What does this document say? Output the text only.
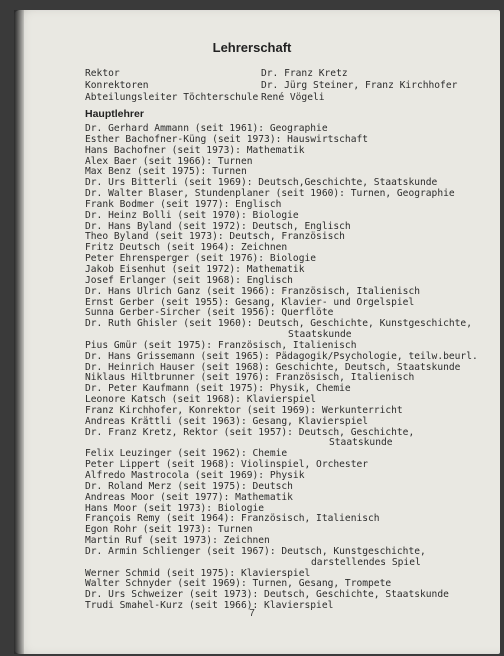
Lehrerschaft
Rektor	Dr. Franz Kretz
Konrektoren	Dr. Jürg Steiner, Franz Kirchhofer
Abteilungsleiter Töchterschule René Vögeli
Hauptlehrer
Dr. Gerhard Ammann (seit 1961): Geographie
Esther Bachofner-Küng (seit 1973): Hauswirtschaft
Hans Bachofner (seit 1973): Mathematik
Alex Baer (seit 1966): Turnen
Max Benz (seit 1975): Turnen
Dr. Urs Bitterli (seit 1969): Deutsch,Geschichte, Staatskunde
Dr. Walter Blaser, Stundenplaner (seit 1960): Turnen, Geographie
Frank Bodmer (seit 1977): Englisch
Dr. Heinz Bolli (seit 1970): Biologie
Dr. Hans Byland (seit 1972): Deutsch, Englisch
Theo Byland (seit 1973): Deutsch, Französisch
Fritz Deutsch (seit 1964): Zeichnen
Peter Ehrensperger (seit 1976): Biologie
Jakob Eisenhut (seit 1972): Mathematik
Josef Erlanger (seit 1968): Englisch
Dr. Hans Ulrich Ganz (seit 1966): Französisch, Italienisch
Ernst Gerber (seit 1955): Gesang, Klavier- und Orgelspiel
Sunna Gerber-Sircher (seit 1956): Querflöte
Dr. Ruth Ghisler (seit 1960): Deutsch, Geschichte, Kunstgeschichte,
Staatskunde
Pius Gmür (seit 1975): Französisch, Italienisch
Dr. Hans Grissemann (seit 1965): Pädagogik/Psychologie, teilw.beurl.
Dr. Heinrich Hauser (seit 1968): Geschichte, Deutsch, Staatskunde
Niklaus Hiltbrunner (seit 1976): Französisch, Italienisch
Dr. Peter Kaufmann (seit 1975): Physik, Chemie
Leonore Katsch (seit 1968): Klavierspiel
Franz Kirchhofer, Konrektor (seit 1969): Werkunterricht
Andreas Krättli (seit 1963): Gesang, Klavierspiel
Dr. Franz Kretz, Rektor (seit 1957): Deutsch, Geschichte,
Staatskunde
Felix Leuzinger (seit 1962): Chemie
Peter Lippert (seit 1968): Violinspiel, Orchester
Alfredo Mastrocola (seit 1969): Physik
Dr. Roland Merz (seit 1975): Deutsch
Andreas Moor (seit 1977): Mathematik
Hans Moor (seit 1973): Biologie
François Remy (seit 1964): Französisch, Italienisch
Egon Rohr (seit 1973): Turnen
Martin Ruf (seit 1973): Zeichnen
Dr. Armin Schlienger (seit 1967): Deutsch, Kunstgeschichte,
darstellendes Spiel
Werner Schmid (seit 1975): Klavierspiel
Walter Schnyder (seit 1969): Turnen, Gesang, Trompete
Dr. Urs Schweizer (seit 1973): Deutsch, Geschichte, Staatskunde
Trudi Smahel-Kurz (seit 1966): Klavierspiel
7
